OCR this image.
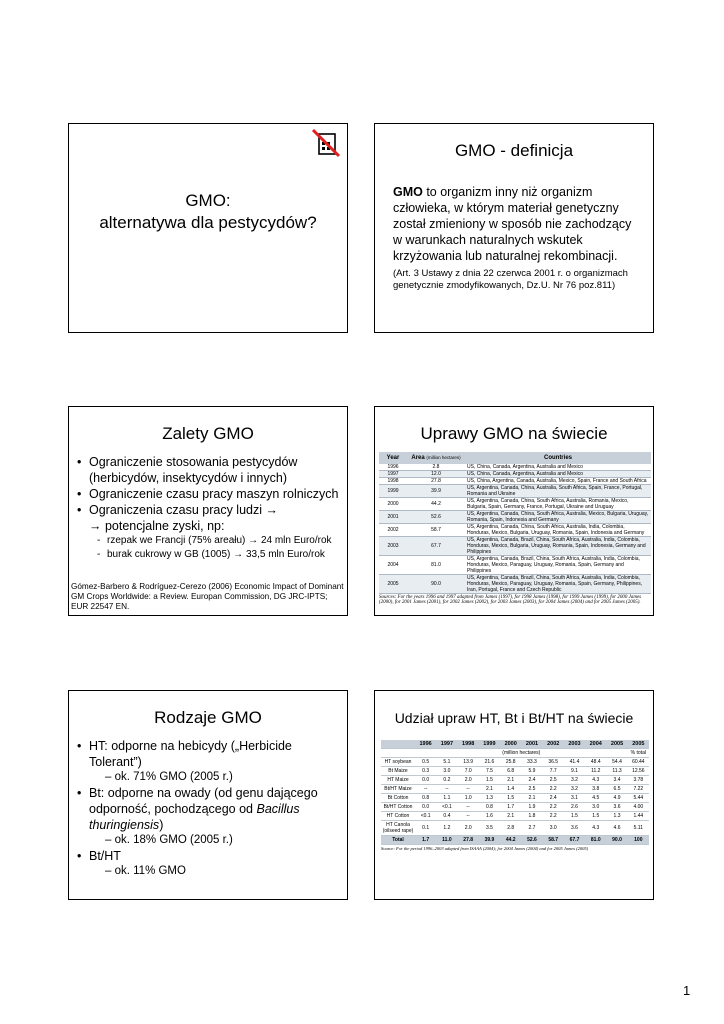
GMO:
alternatywa dla pestycydów?
GMO - definicja
GMO to organizm inny niż organizm człowieka, w którym materiał genetyczny został zmieniony w sposób nie zachodzący w warunkach naturalnych wskutek krzyżowania lub naturalnej rekombinacji.
(Art. 3 Ustawy z dnia 22 czerwca 2001 r. o organizmach genetycznie zmodyfikowanych, Dz.U. Nr 76 poz.811)
Zalety GMO
• Ograniczenie stosowania pestycydów (herbicydów, insektycydów i innych)
• Ograniczenie czasu pracy maszyn rolniczych
• Ograniczenia czasu pracy ludzi →
→ potencjalne zyski, np:
- rzepak we Francji (75% areału) → 24 mln Euro/rok
- burak cukrowy w GB (1005) → 33,5 mln Euro/rok
Gómez-Barbero & Rodríguez-Cerezo (2006) Economic Impact of Dominant GM Crops Worldwide: a Review. Europan Commission, DG JRC-IPTS; EUR 22547 EN.
Uprawy GMO na świecie
Year	Area (million hectares)	Countries
1996	2.8	US, China, Canada, Argentina, Australia and Mexico
1997	12.0	US, China, Canada, Argentina, Australia and Mexico
1998	27.8	US, China, Argentina, Canada, Australia, Mexico, Spain, France and South Africa
1999	39.9	US, Argentina, Canada, China, Australia, South Africa, Spain, France, Portugal, Romania and Ukraine
2000	44.2	US, Argentina, Canada, China, South Africa, Australia, Romania, Mexico, Bulgaria, Spain, Germany, France, Portugal, Ukraine and Uruguay
2001	52.6	US, Argentina, Canada, China, South Africa, Australia, Mexico, Bulgaria, Uruguay, Romania, Spain, Indonesia and Germany
2002	58.7	US, Argentina, Canada, China, South Africa, Australia, India, Colombia, Honduras, Mexico, Bulgaria, Uruguay, Romania, Spain, Indonesia and Germany
2003	67.7	US, Argentina, Canada, Brazil, China, South Africa, Australia, India, Colombia, Honduras, Mexico, Bulgaria, Uruguay, Romania, Spain, Indonesia, Germany and Philippines
2004	81.0	US, Argentina, Canada, Brazil, China, South Africa, Australia, India, Colombia, Honduras, Mexico, Paraguay, Uruguay, Romania, Spain, Germany and Philippines
2005	90.0	US, Argentina, Canada, Brazil, China, South Africa, Australia, India, Colombia, Honduras, Mexico, Paraguay, Uruguay, Romania, Spain, Germany, Philippines, Iran, Portugal, France and Czech Republic
Sources: For the years 1996 and 1997 adapted from James (1997), for 1998 James (1998), for 1999 James (1999), for 2000 James (2000), for 2001 James (2001), for 2002 James (2002), for 2003 James (2003), for 2004 James (2004) and for 2005 James (2005).
Rodzaje GMO
• HT: odporne na hebicydy („Herbicide Tolerant”)
– ok. 71% GMO (2005 r.)
• Bt: odporne na owady (od genu dającego odporność, pochodzącego od Bacillus thuringiensis)
– ok. 18% GMO (2005 r.)
• Bt/HT
– ok. 11% GMO
Udział upraw HT, Bt i Bt/HT na świecie
	1996	1997	1998	1999	2000	2001	2002	2003	2004	2005	2005
	(million hectares)										% total
HT soybean	0.5	5.1	13.9	21.6	25.8	33.3	36.5	41.4	48.4	54.4	60.44
Bt Maize	0.3	3.0	7.0	7.5	6.8	5.9	7.7	9.1	11.2	11.3	12.56
HT Maize	0.0	0.2	2.0	1.5	2.1	2.4	2.5	3.2	4.3	3.4	3.78
Bt/HT Maize	--	--	--	2.1	1.4	2.5	2.2	3.2	3.8	6.5	7.22
Bt Cotton	0.8	1.1	1.0	1.3	1.5	2.1	2.4	3.1	4.5	4.9	5.44
Bt/HT Cotton	0.0	<0.1	--	0.8	1.7	1.9	2.2	2.6	3.0	3.6	4.00
HT Cotton	<0.1	0.4	--	1.6	2.1	1.8	2.2	1.5	1.5	1.3	1.44
HT Canola (oilseed rape)	0.1	1.2	2.0	3.5	2.8	2.7	3.0	3.6	4.3	4.6	5.11
Total	1.7	11.0	27.8	39.9	44.2	52.6	58.7	67.7	81.0	90.0	100
Source: For the period 1996–2003 adapted from ISAAA (2004); for 2004 James (2004) and for 2005 James (2005)
1
